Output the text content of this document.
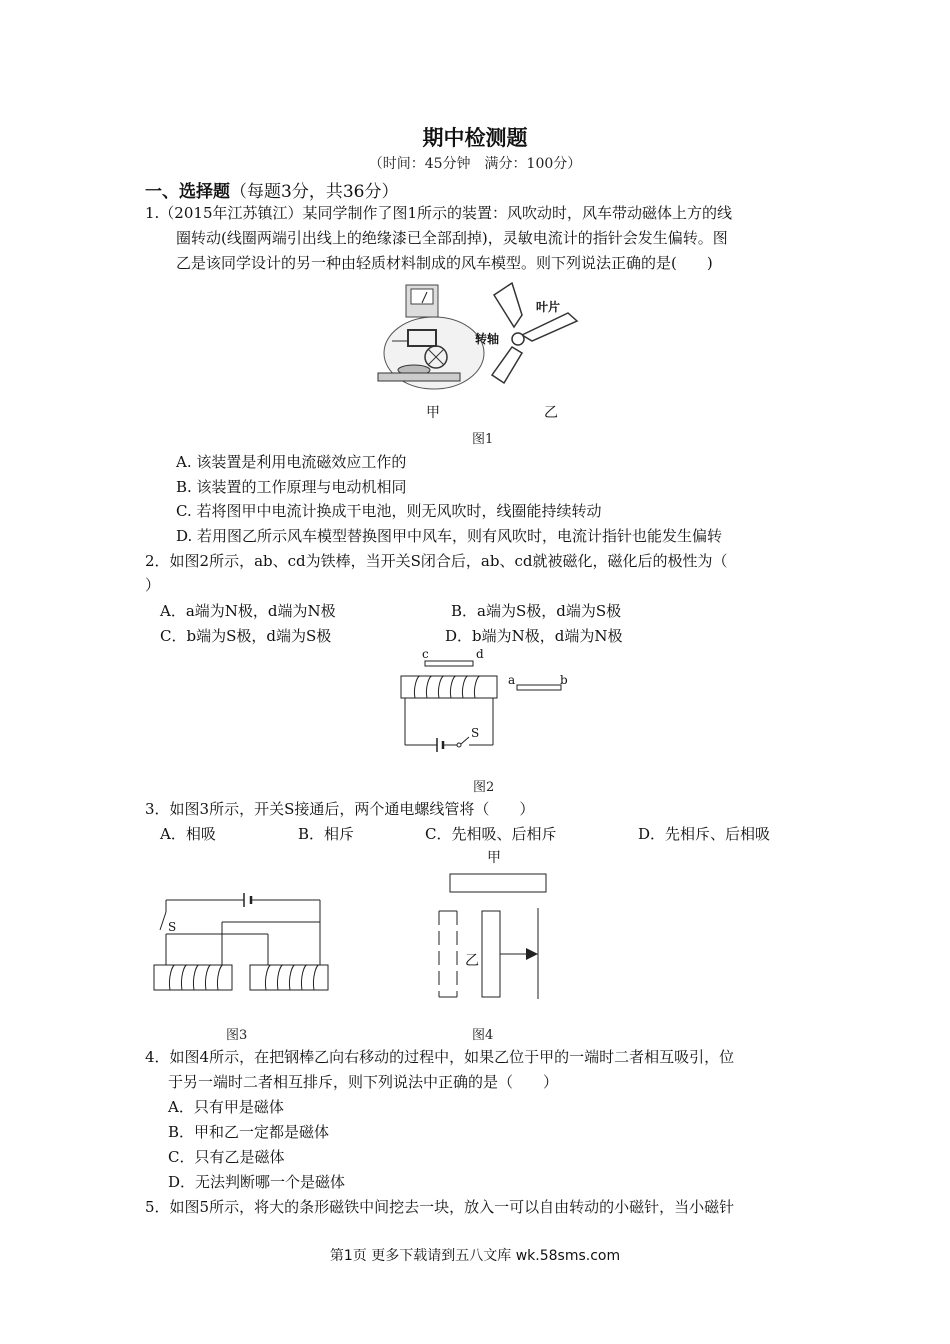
期中检测题
（时间：45分钟　满分：100分）
一、选择题（每题3分，共36分）
1.（2015年江苏镇江）某同学制作了图1所示的装置：风吹动时，风车带动磁体上方的线
圈转动(线圈两端引出线上的绝缘漆已全部刮掉)，灵敏电流计的指针会发生偏转。图
乙是该同学设计的另一种由轻质材料制成的风车模型。则下列说法正确的是(　　)
叶片
转轴
甲	乙
图1
A. 该装置是利用电流磁效应工作的
B. 该装置的工作原理与电动机相同
C. 若将图甲中电流计换成干电池，则无风吹时，线圈能持续转动
D. 若用图乙所示风车模型替换图甲中风车，则有风吹时，电流计指针也能发生偏转
2．如图2所示，ab、cd为铁棒，当开关S闭合后，ab、cd就被磁化，磁化后的极性为（
）
A．a端为N极，d端为N极	B．a端为S极，d端为S极
C．b端为S极，d端为S极	D．b端为N极，d端为N极
c	d
a	b
S
图2
3．如图3所示，开关S接通后，两个通电螺线管将（　　）
A．相吸	B．相斥	C．先相吸、后相斥	D．先相斥、后相吸
S
甲
乙
图3	图4
4．如图4所示，在把钢棒乙向右移动的过程中，如果乙位于甲的一端时二者相互吸引，位
于另一端时二者相互排斥，则下列说法中正确的是（　　）
A．只有甲是磁体
B．甲和乙一定都是磁体
C．只有乙是磁体
D．无法判断哪一个是磁体
5．如图5所示，将大的条形磁铁中间挖去一块，放入一可以自由转动的小磁针，当小磁针
第1页 更多下载请到五八文库 wk.58sms.com
